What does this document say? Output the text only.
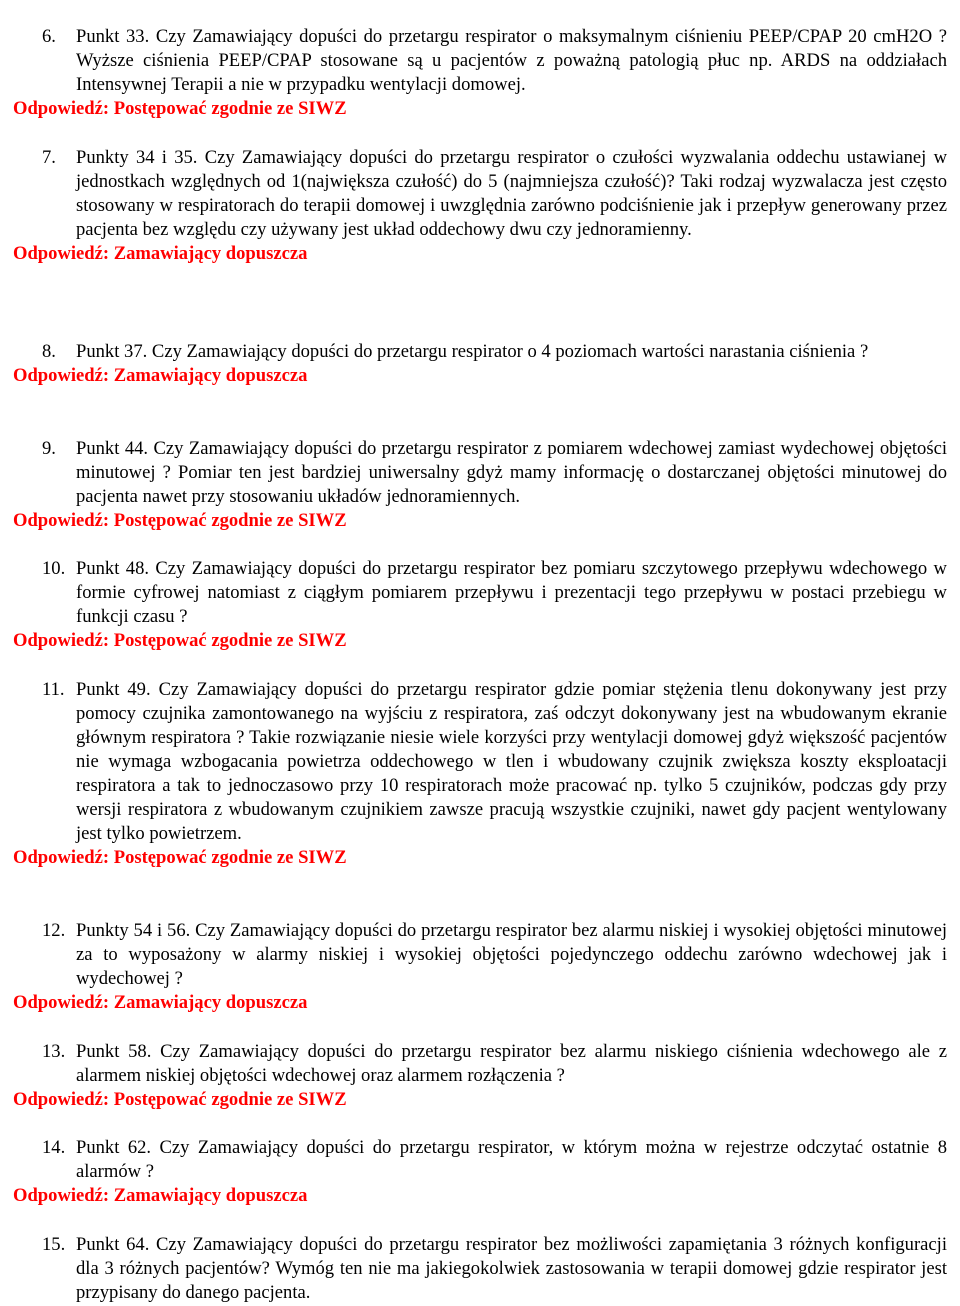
6. Punkt 33. Czy Zamawiający dopuści do przetargu respirator o maksymalnym ciśnieniu PEEP/CPAP 20 cmH2O ? Wyższe ciśnienia PEEP/CPAP stosowane są u pacjentów z poważną patologią płuc np. ARDS na oddziałach Intensywnej Terapii a nie w przypadku wentylacji domowej.
Odpowiedź: Postępować zgodnie ze SIWZ
7. Punkty 34 i 35. Czy Zamawiający dopuści do przetargu respirator o czułości wyzwalania oddechu ustawianej w jednostkach względnych od 1(największa czułość) do 5 (najmniejsza czułość)? Taki rodzaj wyzwalacza jest często stosowany w respiratorach do terapii domowej i uwzględnia zarówno podciśnienie jak i przepływ generowany przez pacjenta bez względu czy używany jest układ oddechowy dwu czy jednoramienny.
Odpowiedź: Zamawiający dopuszcza
8. Punkt 37. Czy Zamawiający dopuści do przetargu respirator o 4 poziomach wartości narastania ciśnienia ?
Odpowiedź: Zamawiający dopuszcza
9. Punkt 44. Czy Zamawiający dopuści do przetargu respirator z pomiarem wdechowej zamiast wydechowej objętości minutowej ? Pomiar ten jest bardziej uniwersalny gdyż mamy informację o dostarczanej objętości minutowej do pacjenta nawet przy stosowaniu układów jednoramiennych.
Odpowiedź: Postępować zgodnie ze SIWZ
10. Punkt 48. Czy Zamawiający dopuści do przetargu respirator bez pomiaru szczytowego przepływu wdechowego w formie cyfrowej natomiast z ciągłym pomiarem przepływu i prezentacji tego przepływu w postaci przebiegu w funkcji czasu ?
Odpowiedź: Postępować zgodnie ze SIWZ
11. Punkt 49. Czy Zamawiający dopuści do przetargu respirator gdzie pomiar stężenia tlenu dokonywany jest przy pomocy czujnika zamontowanego na wyjściu z respiratora, zaś odczyt dokonywany jest na wbudowanym ekranie głównym respiratora ? Takie rozwiązanie niesie wiele korzyści przy wentylacji domowej gdyż większość pacjentów nie wymaga wzbogacania powietrza oddechowego w tlen i wbudowany czujnik zwiększa koszty eksploatacji respiratora a tak to jednoczasowo przy 10 respiratorach może pracować np. tylko 5 czujników, podczas gdy przy wersji respiratora z wbudowanym czujnikiem zawsze pracują wszystkie czujniki, nawet gdy pacjent wentylowany jest tylko powietrzem.
Odpowiedź: Postępować zgodnie ze SIWZ
12. Punkty 54 i 56. Czy Zamawiający dopuści do przetargu respirator bez alarmu niskiej i wysokiej objętości minutowej za to wyposażony w alarmy niskiej i wysokiej objętości pojedynczego oddechu zarówno wdechowej jak i wydechowej ?
Odpowiedź: Zamawiający dopuszcza
13. Punkt 58. Czy Zamawiający dopuści do przetargu respirator bez alarmu niskiego ciśnienia wdechowego ale z alarmem niskiej objętości wdechowej oraz alarmem rozłączenia ?
Odpowiedź: Postępować zgodnie ze SIWZ
14. Punkt 62. Czy Zamawiający dopuści do przetargu respirator, w którym można w rejestrze odczytać ostatnie 8 alarmów ?
Odpowiedź: Zamawiający dopuszcza
15. Punkt 64. Czy Zamawiający dopuści do przetargu respirator bez możliwości zapamiętania 3 różnych konfiguracji dla 3 różnych pacjentów? Wymóg ten nie ma jakiegokolwiek zastosowania w terapii domowej gdzie respirator jest przypisany do danego pacjenta.
